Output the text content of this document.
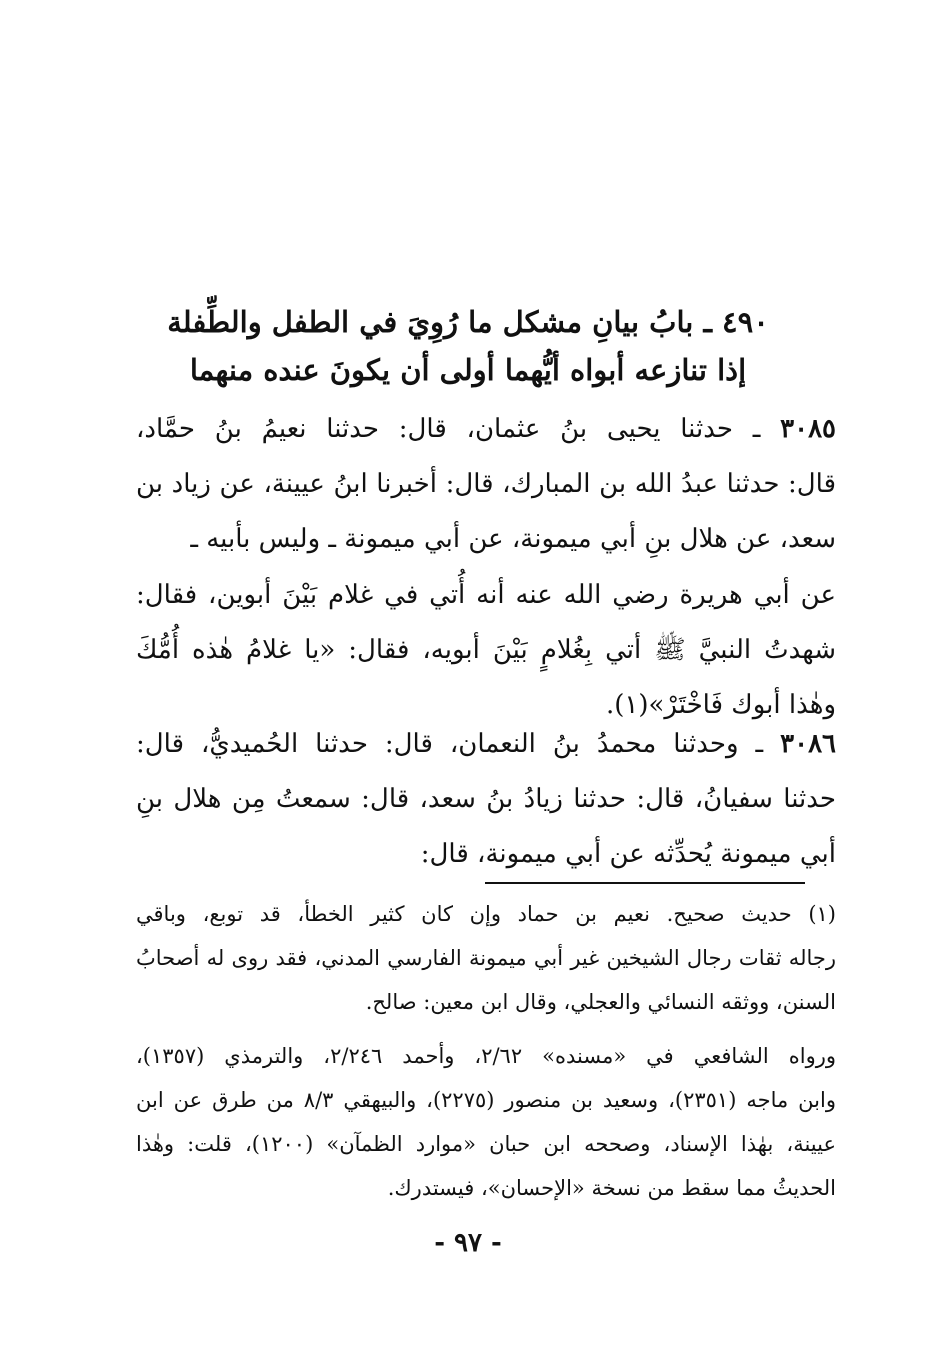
٤٩٠ ـ بابُ بيانِ مشكل ما رُوِيَ في الطفل والطِّفلة
إذا تنازعه أبواه أيُّهما أولى أن يكونَ عنده منهما
٣٠٨٥ ـ حدثنا يحيى بنُ عثمان، قال: حدثنا نعيمُ بنُ حمَّاد،
قال: حدثنا عبدُ الله بن المبارك، قال: أخبرنا ابنُ عيينة، عن زياد بن
سعد، عن هلال بنِ أبي ميمونة، عن أبي ميمونة ـ وليس بأبيه ـ
عن أبي هريرة رضي الله عنه أنه أُتي في غلام بَيْنَ أبوين، فقال:
شهدتُ النبيَّ ﷺ أتي بِغُلامٍ بَيْنَ أبويه، فقال: «يا غلامُ هٰذه أُمُّكَ
وهٰذا أبوك فَاخْتَرْ»(١).
٣٠٨٦ ـ وحدثنا محمدُ بنُ النعمان، قال: حدثنا الحُميديُّ، قال:
حدثنا سفيانُ، قال: حدثنا زيادُ بنُ سعد، قال: سمعتُ مِن هلال بنِ
أبي ميمونة يُحدِّثه عن أبي ميمونة، قال:
(١) حديث صحيح. نعيم بن حماد وإن كان كثير الخطأ، قد توبع، وباقي
رجاله ثقات رجال الشيخين غير أبي ميمونة الفارسي المدني، فقد روى له أصحابُ
السنن، ووثقه النسائي والعجلي، وقال ابن معين: صالح.
ورواه الشافعي في «مسنده» ٢/٦٢، وأحمد ٢/٢٤٦، والترمذي (١٣٥٧)،
وابن ماجه (٢٣٥١)، وسعيد بن منصور (٢٢٧٥)، والبيهقي ٨/٣ من طرق عن ابن
عيينة، بهٰذا الإسناد، وصححه ابن حبان «موارد الظمآن» (١٢٠٠)، قلت: وهٰذا
الحديثُ مما سقط من نسخة «الإحسان»، فيستدرك.
- ٩٧ -
